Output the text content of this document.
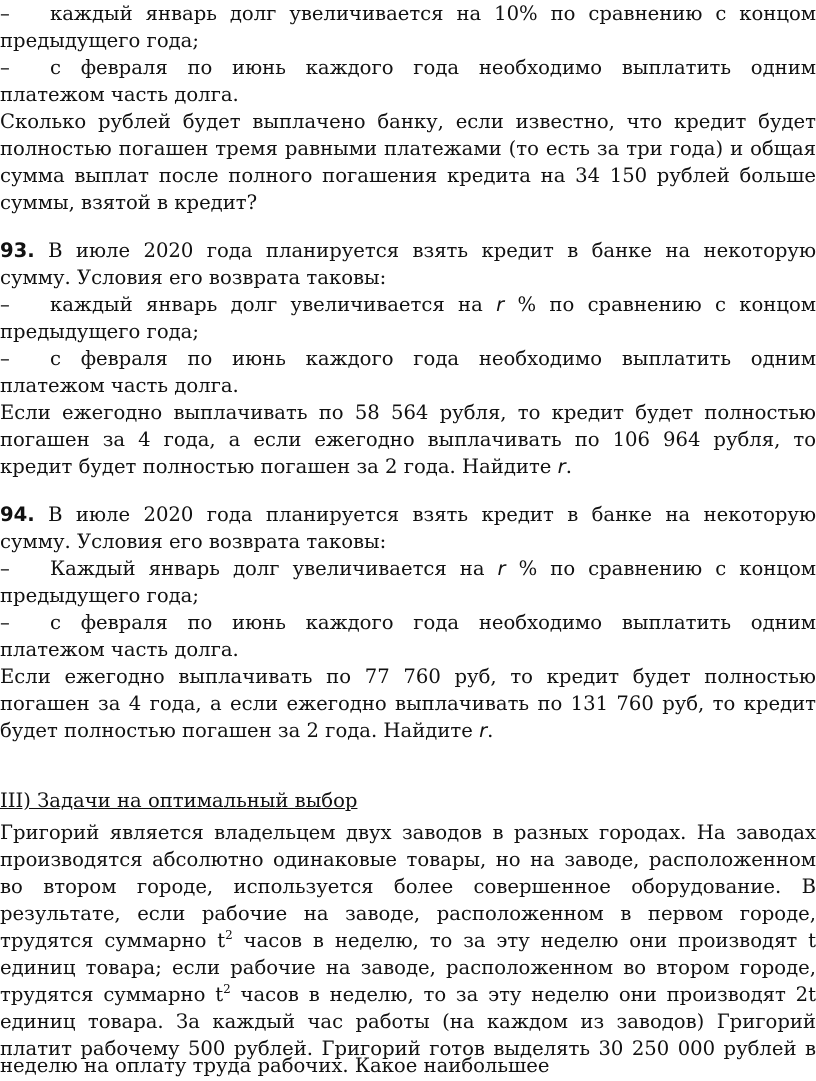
– каждый январь долг увеличивается на 10% по сравнению с концом
предыдущего года;
– с февраля по июнь каждого года необходимо выплатить одним
платежом часть долга.
Сколько рублей будет выплачено банку, если известно, что кредит будет
полностью погашен тремя равными платежами (то есть за три года) и общая
сумма выплат после полного погашения кредита на 34 150 рублей больше
суммы, взятой в кредит?
93. В июле 2020 года планируется взять кредит в банке на некоторую
сумму. Условия его возврата таковы:
– каждый январь долг увеличивается на r % по сравнению с концом
предыдущего года;
– с февраля по июнь каждого года необходимо выплатить одним
платежом часть долга.
Если ежегодно выплачивать по 58 564 рубля, то кредит будет полностью
погашен за 4 года, а если ежегодно выплачивать по 106 964 рубля, то
кредит будет полностью погашен за 2 года. Найдите r.
94. В июле 2020 года планируется взять кредит в банке на некоторую
сумму. Условия его возврата таковы:
– Каждый январь долг увеличивается на r % по сравнению с концом
предыдущего года;
– с февраля по июнь каждого года необходимо выплатить одним
платежом часть долга.
Если ежегодно выплачивать по 77 760 руб, то кредит будет полностью
погашен за 4 года, а если ежегодно выплачивать по 131 760 руб, то кредит
будет полностью погашен за 2 года. Найдите r.
III) Задачи на оптимальный выбор
Григорий является владельцем двух заводов в разных городах. На заводах
производятся абсолютно одинаковые товары, но на заводе, расположенном
во втором городе, используется более совершенное оборудование. В
результате, если рабочие на заводе, расположенном в первом городе,
трудятся суммарно $t^2$ часов в неделю, то за эту неделю они производят t
единиц товара; если рабочие на заводе, расположенном во втором городе,
трудятся суммарно $t^2$ часов в неделю, то за эту неделю они производят 2t
единиц товара. За каждый час работы (на каждом из заводов) Григорий
платит рабочему 500 рублей. Григорий готов выделять 30 250 000 рублей в
неделю на оплату труда рабочих. Какое наибольшее
